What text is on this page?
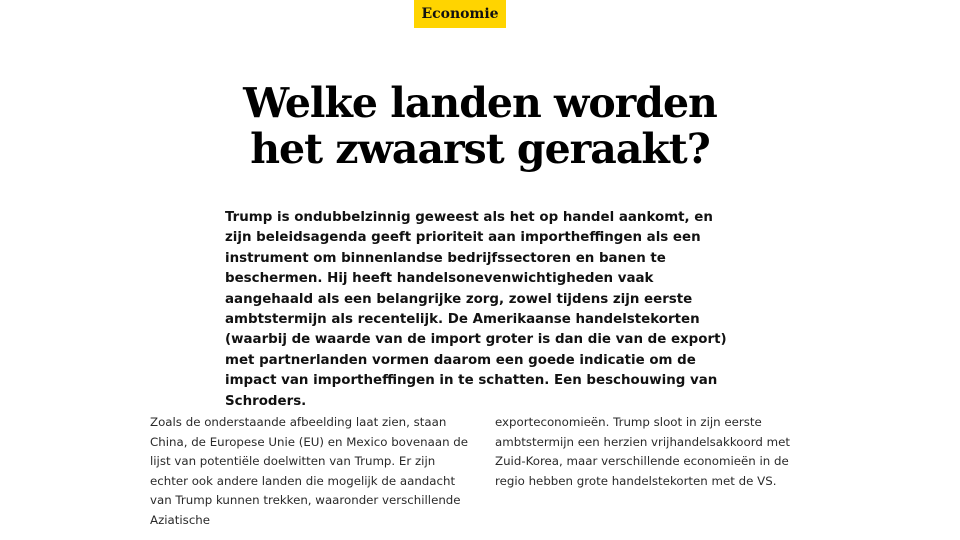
Economie
Welke landen worden
het zwaarst geraakt?

Trump is ondubbelzinnig geweest als het op handel aankomt, en zijn beleidsagenda geeft prioriteit aan importheffingen als een instrument om binnenlandse bedrijfssectoren en banen te beschermen. Hij heeft handelsonevenwichtigheden vaak aangehaald als een belangrijke zorg, zowel tijdens zijn eerste ambtstermijn als recentelijk. De Amerikaanse handelstekorten (waarbij de waarde van de import groter is dan die van de export) met partnerlanden vormen daarom een goede indicatie om de impact van importheffingen in te schatten. Een beschouwing van Schroders.

Zoals de onderstaande afbeelding laat zien, staan China, de Europese Unie (EU) en Mexico bovenaan de lijst van potentiële doelwitten van Trump. Er zijn echter ook andere landen die mogelijk de aandacht van Trump kunnen trekken, waaronder verschillende Aziatische

exporteconomieën. Trump sloot in zijn eerste ambtstermijn een herzien vrijhandelsakkoord met Zuid-Korea, maar verschillende economieën in de regio hebben grote handelstekorten met de VS.
